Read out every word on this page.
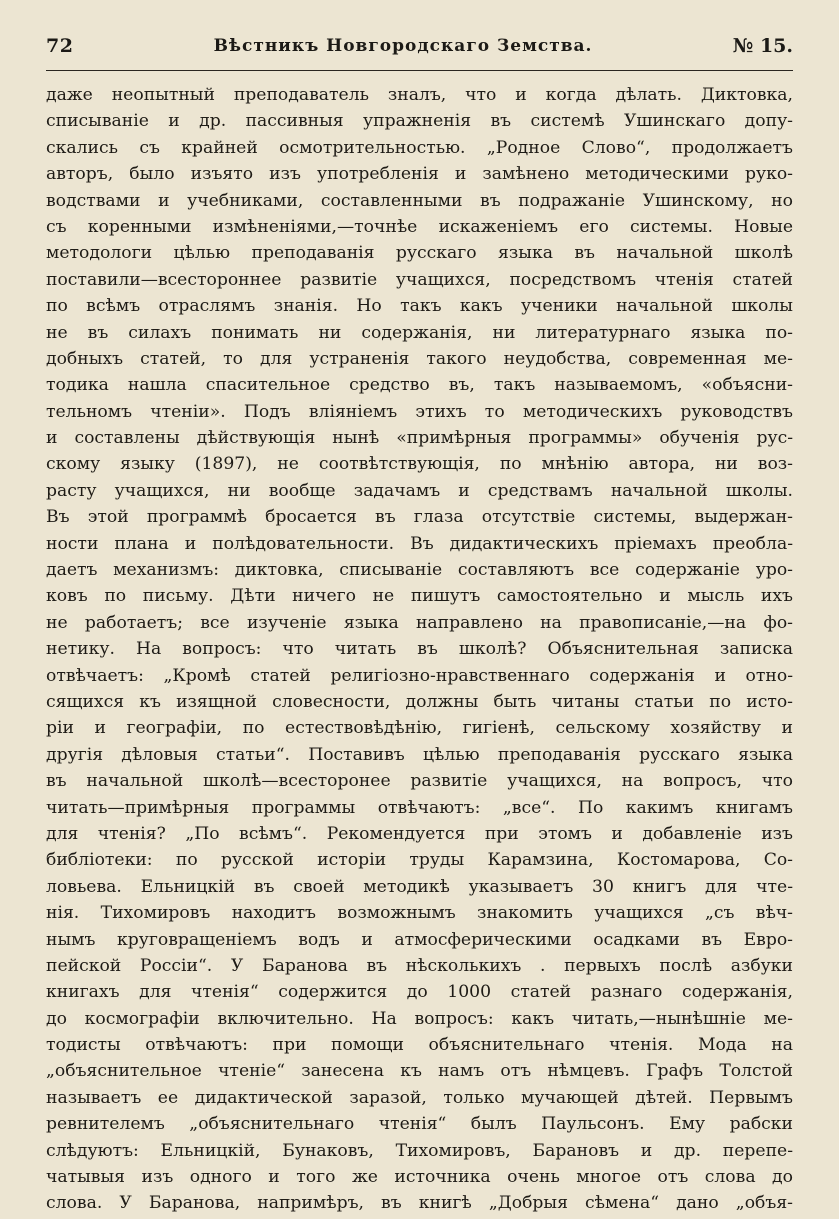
72	Вѣстникъ Новгородскаго Земства.	№ 15.
даже неопытный преподаватель зналъ, что и когда дѣлать. Диктовка,
списываніе и др. пассивныя упражненія въ системѣ Ушинскаго допу-
скались съ крайней осмотрительностью. „Родное Слово“, продолжаетъ
авторъ, было изъято изъ употребленія и замѣнено методическими руко-
водствами и учебниками, составленными въ подражаніе Ушинскому, но
съ коренными измѣненіями,—точнѣе искаженіемъ его системы. Новые
методологи цѣлью преподаванія русскаго языка въ начальной школѣ
поставили—всестороннее развитіе учащихся, посредствомъ чтенія статей
по всѣмъ отраслямъ знанія. Но такъ какъ ученики начальной школы
не въ силахъ понимать ни содержанія, ни литературнаго языка по-
добныхъ статей, то для устраненія такого неудобства, современная ме-
тодика нашла спасительное средство въ, такъ называемомъ, «объясни-
тельномъ чтеніи». Подъ вліяніемъ этихъ то методическихъ руководствъ
и составлены дѣйствующія нынѣ «примѣрныя программы» обученія рус-
скому языку (1897), не соотвѣтствующія, по мнѣнію автора, ни воз-
расту учащихся, ни вообще задачамъ и средствамъ начальной школы.
Въ этой программѣ бросается въ глаза отсутствіе системы, выдержан-
ности плана и полѣдовательности. Въ дидактическихъ пріемахъ преобла-
даетъ механизмъ: диктовка, списываніе составляютъ все содержаніе уро-
ковъ по письму. Дѣти ничего не пишутъ самостоятельно и мысль ихъ
не работаетъ; все изученіе языка направлено на правописаніе,—на фо-
нетику. На вопросъ: что читать въ школѣ? Объяснительная записка
отвѣчаетъ: „Кромѣ статей религіозно-нравственнаго содержанія и отно-
сящихся къ изящной словесности, должны быть читаны статьи по исто-
ріи и географіи, по естествовѣдѣнію, гигіенѣ, сельскому хозяйству и
другія дѣловыя статьи“. Поставивъ цѣлью преподаванія русскаго языка
въ начальной школѣ—всесторонее развитіе учащихся, на вопросъ, что
читать—примѣрныя программы отвѣчаютъ: „все“. По какимъ книгамъ
для чтенія? „По всѣмъ“. Рекомендуется при этомъ и добавленіе изъ
библіотеки: по русской исторіи труды Карамзина, Костомарова, Со-
ловьева. Ельницкій въ своей методикѣ указываетъ 30 книгъ для чте-
нія. Тихомировъ находитъ возможнымъ знакомить учащихся „съ вѣч-
нымъ круговращеніемъ водъ и атмосферическими осадками въ Евро-
пейской Россіи“. У Баранова въ нѣсколькихъ . первыхъ послѣ азбуки
книгахъ для чтенія“ содержится до 1000 статей разнаго содержанія,
до космографіи включительно. На вопросъ: какъ читать,—нынѣшніе ме-
тодисты отвѣчаютъ: при помощи объяснительнаго чтенія. Мода на
„объяснительное чтеніе“ занесена къ намъ отъ нѣмцевъ. Графъ Толстой
называетъ ее дидактической заразой, только мучающей дѣтей. Первымъ
ревнителемъ „объяснительнаго чтенія“ былъ Паульсонъ. Ему рабски
слѣдуютъ: Ельницкій, Бунаковъ, Тихомировъ, Барановъ и др. перепе-
чатывыя изъ одного и того же источника очень многое отъ слова до
слова. У Баранова, напримѣръ, въ книгѣ „Добрыя сѣмена“ дано „объя-
